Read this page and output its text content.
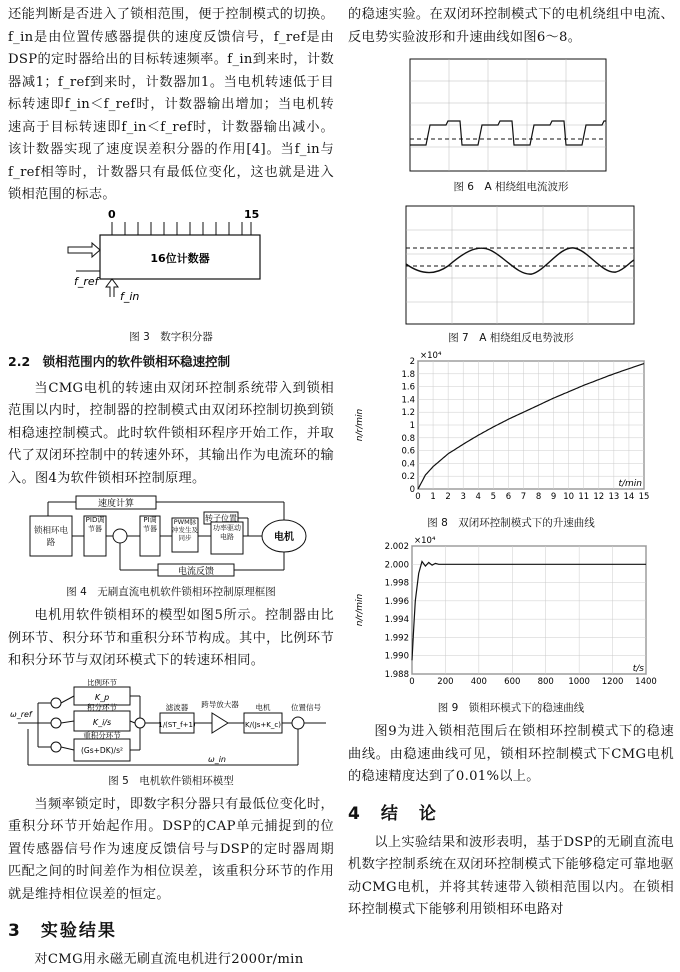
还能判断是否进入了锁相范围，便于控制模式的切换。f_in是由位置传感器提供的速度反馈信号，f_ref是由DSP的定时器给出的目标转速频率。f_in到来时，计数器减1；f_ref到来时，计数器加1。当电机转速低于目标转速即f_in＜f_ref时，计数器输出增加；当电机转速高于目标转速即f_in＜f_ref时，计数器输出减小。该计数器实现了速度误差积分器的作用[4]。当f_in与f_ref相等时，计数器只有最低位变化，这也就是进入锁相范围的标志。

0	15
16位计数器
f_ref
f_in
图 3　数字积分器
2.2　锁相范围内的软件锁相环稳速控制

当CMG电机的转速由双闭环控制系统带入到锁相范围以内时，控制器的控制模式由双闭环控制切换到锁相稳速控制模式。此时软件锁相环程序开始工作，并取代了双闭环控制中的转速外环，其输出作为电流环的输入。图4为软件锁相环控制原理。

速度计算
锁相环电路
PID调节器
PI调节器
PWM脉冲发生及同步
转子位置
功率驱动电路	电机
电流反馈
图 4　无刷直流电机软件锁相环控制原理框图

电机用软件锁相环的模型如图5所示。控制器由比例环节、积分环节和重积分环节构成。其中，比例环节和积分环节与双闭环模式下的转速环相同。

比例环节
K_p
积分环节
K_i/s
重积分环节
(Gs+DK)/s²
滤波器
1/(ST_f+1)
跨导放大器 电机
K/(Js+K_c)
位置信号
ω_ref
ω_in
图 5　电机软件锁相环模型

当频率锁定时，即数字积分器只有最低位变化时，重积分环节开始起作用。DSP的CAP单元捕捉到的位置传感器信号作为速度反馈信号与DSP的定时器周期匹配之间的时间差作为相位误差，该重积分环节的作用就是维持相位误差的恒定。

3　实验结果

对CMG用永磁无刷直流电机进行2000r/min

的稳速实验。在双闭环控制模式下的电机绕组中电流、反电势实验波形和升速曲线如图6～8。

图 6　A 相绕组电流波形
图 7　A 相绕组反电势波形
0 1 2 3 4 5 6 7 8 9 10 11 12 13 14 15
0
0.2
0.4
0.6
0.8
1
1.2
1.4
1.6
1.8
2
×10⁴
n/r/min
t/min
图 8　双闭环控制模式下的升速曲线
0	200 400 600 800 1000 1200 1400
1.988
1.990
1.992
1.994
1.996
1.998
2.000
2.002
×10⁴
n/r/min
t/s
图 9　锁相环模式下的稳速曲线

图9为进入锁相范围后在锁相环控制模式下的稳速曲线。由稳速曲线可见，锁相环控制模式下CMG电机的稳速精度达到了0.01%以上。

4　结　论

以上实验结果和波形表明，基于DSP的无刷直流电机数字控制系统在双闭环控制模式下能够稳定可靠地驱动CMG电机，并将其转速带入锁相范围以内。在锁相环控制模式下能够利用锁相环电路对
